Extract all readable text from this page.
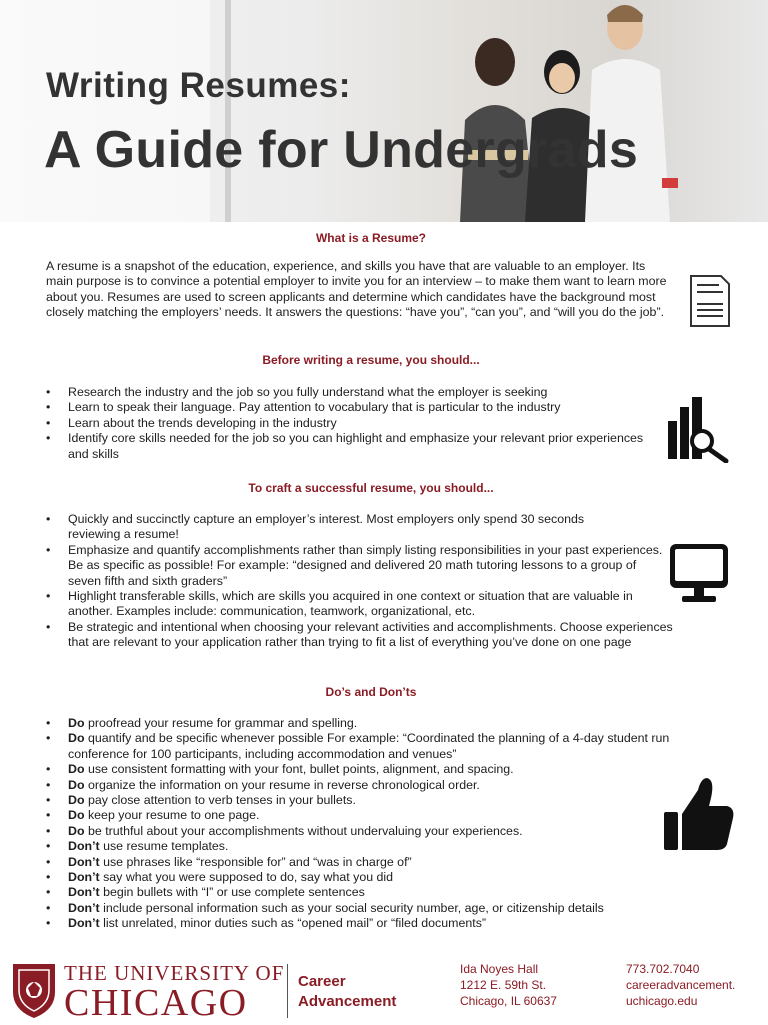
Writing Resumes:
A Guide for Undergrads
What is a Resume?

A resume is a snapshot of the education, experience, and skills you have that are valuable to an employer. Its main purpose is to convince a potential employer to invite you for an interview – to make them want to learn more about you. Resumes are used to screen applicants and determine which candidates have the background most closely matching the employers’ needs. It answers the questions: “have you”, “can you”, and “will you do the job”.

Before writing a resume, you should...
• Research the industry and the job so you fully understand what the employer is seeking
• Learn to speak their language. Pay attention to vocabulary that is particular to the industry
• Learn about the trends developing in the industry
• Identify core skills needed for the job so you can highlight and emphasize your relevant prior experiences and skills
To craft a successful resume, you should...
• Quickly and succinctly capture an employer’s interest. Most employers only spend 30 seconds reviewing a resume!
• Emphasize and quantify accomplishments rather than simply listing responsibilities in your past experiences. Be as specific as possible! For example: “designed and delivered 20 math tutoring lessons to a group of seven fifth and sixth graders”
• Highlight transferable skills, which are skills you acquired in one context or situation that are valuable in another. Examples include: communication, teamwork, organizational, etc.
• Be strategic and intentional when choosing your relevant activities and accomplishments. Choose experiences that are relevant to your application rather than trying to fit a list of everything you’ve done on one page
Do’s and Don’ts
• Do proofread your resume for grammar and spelling.
• Do quantify and be specific whenever possible For example: “Coordinated the planning of a 4-day student run conference for 100 participants, including accommodation and venues”
• Do use consistent formatting with your font, bullet points, alignment, and spacing.
• Do organize the information on your resume in reverse chronological order.
• Do pay close attention to verb tenses in your bullets.
• Do keep your resume to one page.
• Do be truthful about your accomplishments without undervaluing your experiences.
• Don’t use resume templates.
• Don’t use phrases like “responsible for” and “was in charge of”
• Don’t say what you were supposed to do, say what you did
• Don’t begin bullets with “I” or use complete sentences
• Don’t include personal information such as your social security number, age, or citizenship details
• Don’t list unrelated, minor duties such as “opened mail” or “filed documents”
THE UNIVERSITY OF
CHICAGO
Career
Advancement
Ida Noyes Hall
1212 E. 59th St.
Chicago, IL 60637
773.702.7040
careeradvancement.
uchicago.edu
